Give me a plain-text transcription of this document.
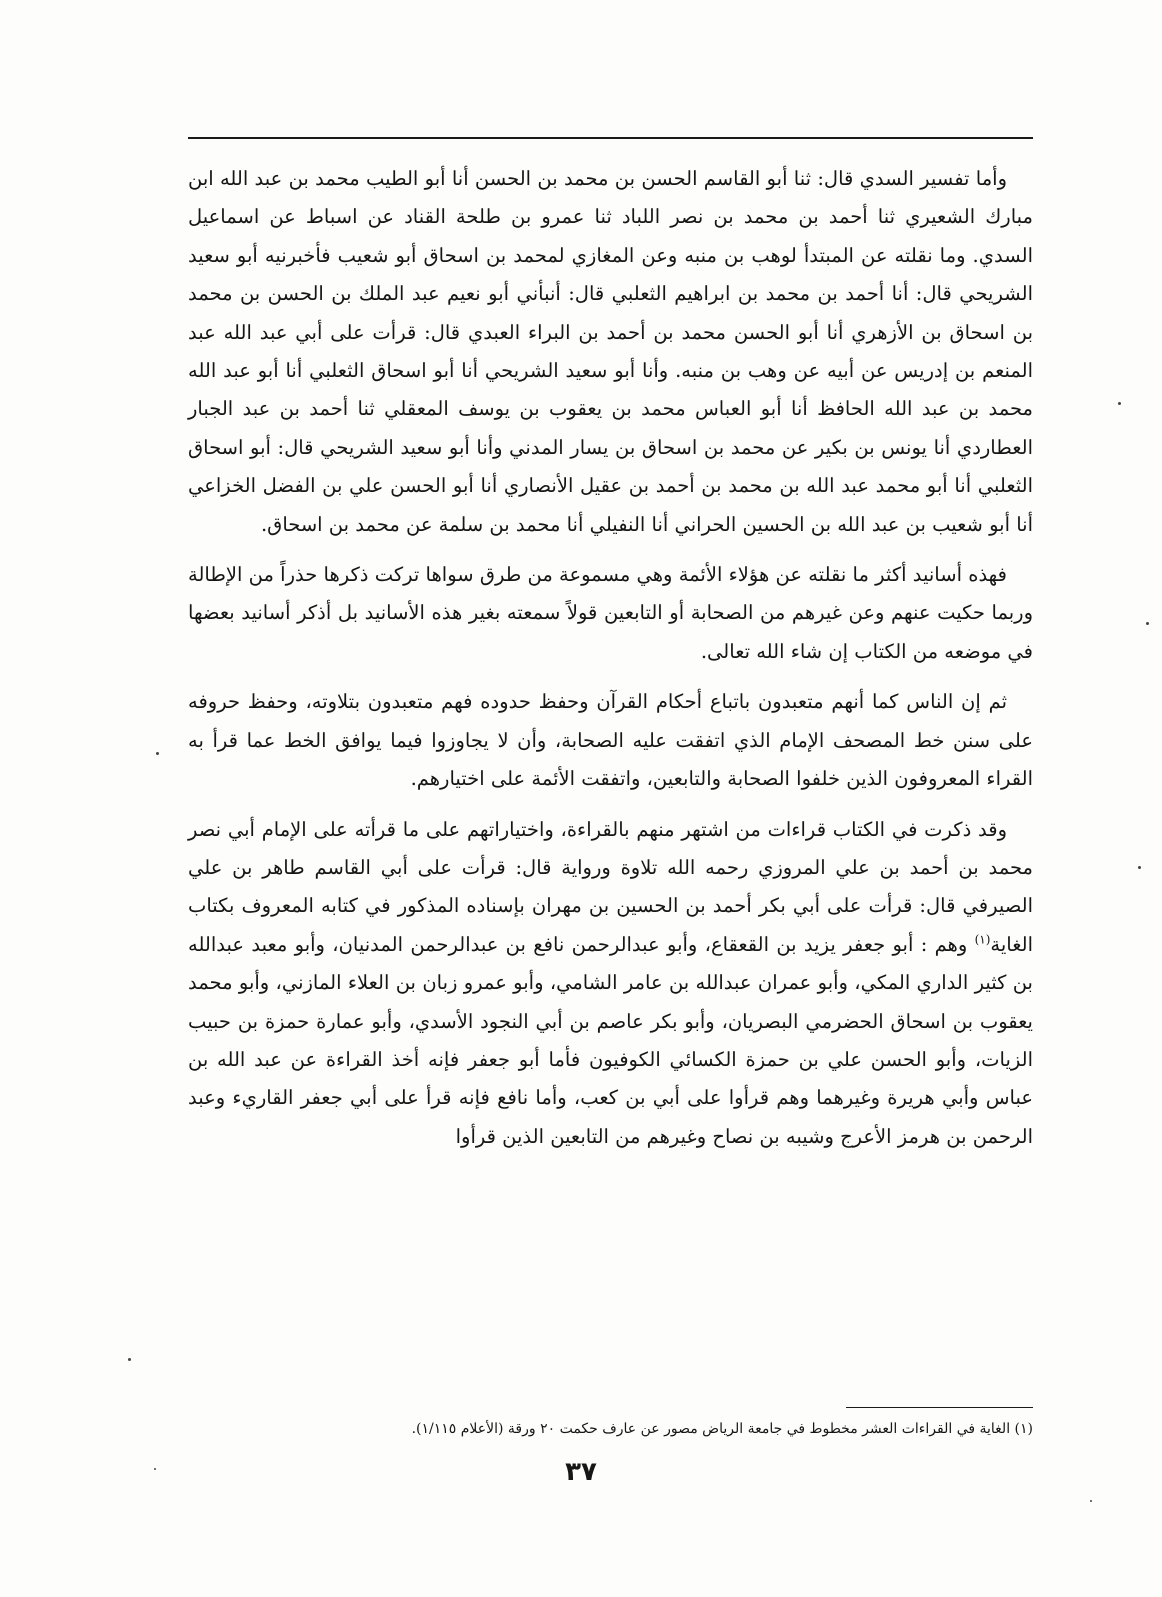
وأما تفسير السدي قال: ثنا أبو القاسم الحسن بن محمد بن الحسن أنا أبو الطيب محمد بن عبد الله ابن مبارك الشعيري ثنا أحمد بن محمد بن نصر اللباد ثنا عمرو بن طلحة القناد عن اسباط عن اسماعيل السدي. وما نقلته عن المبتدأ لوهب بن منبه وعن المغازي لمحمد بن اسحاق أبو شعيب فأخبرنيه أبو سعيد الشريحي قال: أنا أحمد بن محمد بن ابراهيم الثعلبي قال: أنبأني أبو نعيم عبد الملك بن الحسن بن محمد بن اسحاق بن الأزهري أنا أبو الحسن محمد بن أحمد بن البراء العبدي قال: قرأت على أبي عبد الله عبد المنعم بن إدريس عن أبيه عن وهب بن منبه. وأنا أبو سعيد الشريحي أنا أبو اسحاق الثعلبي أنا أبو عبد الله محمد بن عبد الله الحافظ أنا أبو العباس محمد بن يعقوب بن يوسف المعقلي ثنا أحمد بن عبد الجبار العطاردي أنا يونس بن بكير عن محمد بن اسحاق بن يسار المدني وأنا أبو سعيد الشريحي قال: أبو اسحاق الثعلبي أنا أبو محمد عبد الله بن محمد بن أحمد بن عقيل الأنصاري أنا أبو الحسن علي بن الفضل الخزاعي أنا أبو شعيب بن عبد الله بن الحسين الحراني أنا النفيلي أنا محمد بن سلمة عن محمد بن اسحاق.

فهذه أسانيد أكثر ما نقلته عن هؤلاء الأئمة وهي مسموعة من طرق سواها تركت ذكرها حذراً من الإطالة وربما حكيت عنهم وعن غيرهم من الصحابة أو التابعين قولاً سمعته بغير هذه الأسانيد بل أذكر أسانيد بعضها في موضعه من الكتاب إن شاء الله تعالى.

ثم إن الناس كما أنهم متعبدون باتباع أحكام القرآن وحفظ حدوده فهم متعبدون بتلاوته، وحفظ حروفه على سنن خط المصحف الإمام الذي اتفقت عليه الصحابة، وأن لا يجاوزوا فيما يوافق الخط عما قرأ به القراء المعروفون الذين خلفوا الصحابة والتابعين، واتفقت الأئمة على اختيارهم.

وقد ذكرت في الكتاب قراءات من اشتهر منهم بالقراءة، واختياراتهم على ما قرأته على الإمام أبي نصر محمد بن أحمد بن علي المروزي رحمه الله تلاوة ورواية قال: قرأت على أبي القاسم طاهر بن علي الصيرفي قال: قرأت على أبي بكر أحمد بن الحسين بن مهران بإسناده المذكور في كتابه المعروف بكتاب الغاية$^{(١)}$ وهم : أبو جعفر يزيد بن القعقاع، وأبو عبدالرحمن نافع بن عبدالرحمن المدنيان، وأبو معبد عبدالله بن كثير الداري المكي، وأبو عمران عبدالله بن عامر الشامي، وأبو عمرو زبان بن العلاء المازني، وأبو محمد يعقوب بن اسحاق الحضرمي البصريان، وأبو بكر عاصم بن أبي النجود الأسدي، وأبو عمارة حمزة بن حبيب الزيات، وأبو الحسن علي بن حمزة الكسائي الكوفيون فأما أبو جعفر فإنه أخذ القراءة عن عبد الله بن عباس وأبي هريرة وغيرهما وهم قرأوا على أبي بن كعب، وأما نافع فإنه قرأ على أبي جعفر القاريء وعبد الرحمن بن هرمز الأعرج وشيبه بن نصاح وغيرهم من التابعين الذين قرأوا

(١) الغاية في القراءات العشر مخطوط في جامعة الرياض مصور عن عارف حكمت ٢٠ ورقة (الأعلام ١/١١٥).
٣٧
